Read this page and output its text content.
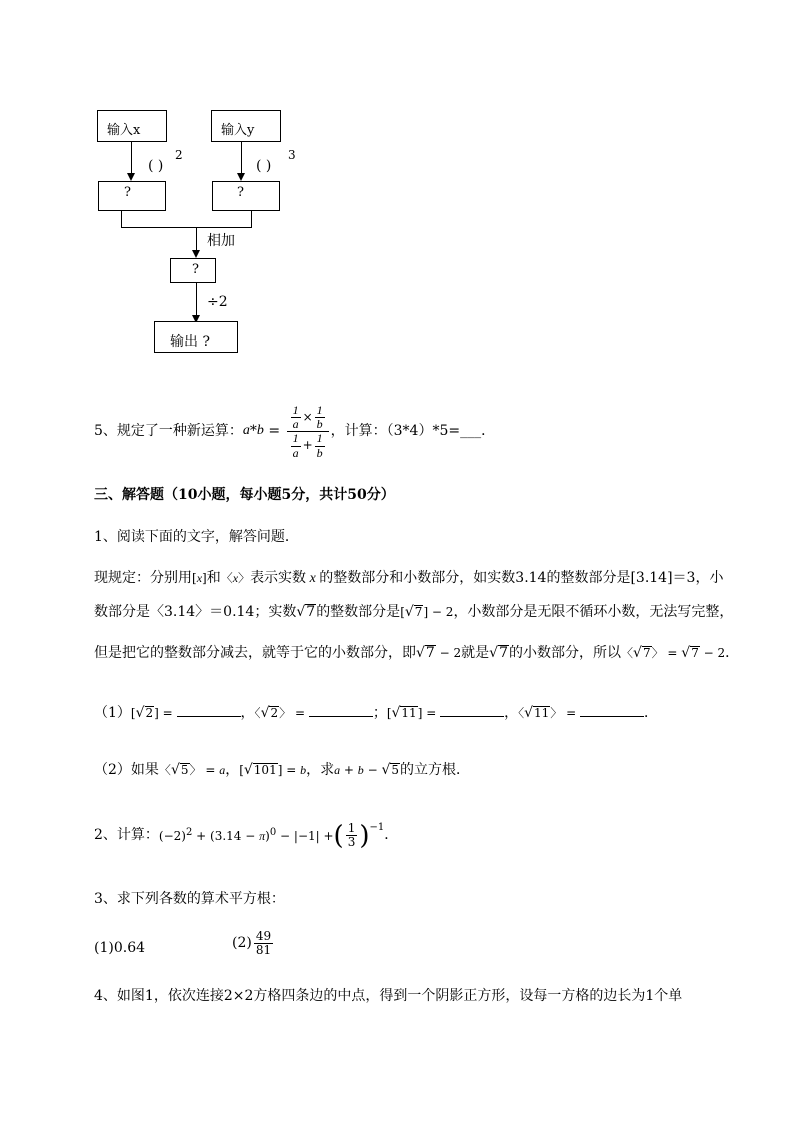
输入x	输入y
( )
2
( )
3
?	?
相加
?
÷2
输出 ?
5、规定了一种新运算： $a * b = \frac{\frac{1}{a} \times \frac{1}{b}}{\frac{1}{a} + \frac{1}{b}}$ ，计算：（3*4）*5=___．
三、解答题（10小题，每小题5分，共计50分）
1、阅读下面的文字，解答问题．
现规定：分别用[x]和〈x〉表示实数 x 的整数部分和小数部分，如实数3.14的整数部分是[3.14]＝3，小
数部分是〈3.14〉＝0.14；实数√7的整数部分是[√7] − 2，小数部分是无限不循环小数，无法写完整，
但是把它的整数部分减去，就等于它的小数部分，即√7 − 2就是√7的小数部分，所以〈√7〉 = √7 − 2．
（1）[√2] =	，〈√2〉 =	；[√11] =	，〈√11〉 =	．
（2）如果〈√5〉 = a，[√101] = b，求a + b − √5的立方根．
2、计算： $(-2)^2 + (3.14 - \pi)^0 - |-1|$ + ( $\frac{1}{3} )^{-1}$ ．
3、求下列各数的算术平方根：
(1)0.64	$(2) \frac{49}{81}$
4、如图1，依次连接2×2方格四条边的中点，得到一个阴影正方形，设每一方格的边长为1个单
